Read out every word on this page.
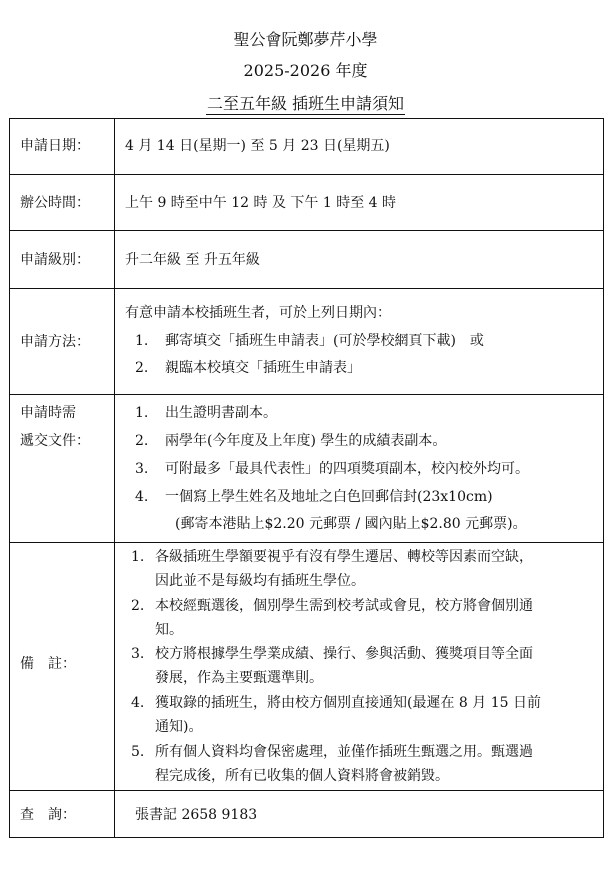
聖公會阮鄭夢芹小學
2025-2026 年度
二至五年級 插班生申請須知
申請日期：	4 月 14 日(星期一) 至 5 月 23 日(星期五)
辦公時間：	上午 9 時至中午 12 時 及 下午 1 時至 4 時
申請級別：	升二年級 至 升五年級
申請方法：
有意申請本校插班生者，可於上列日期內：
1. 郵寄填交「插班生申請表」(可於學校網頁下載)　或
2. 親臨本校填交「插班生申請表」
申請時需
遞交文件：
1. 出生證明書副本。
2. 兩學年(今年度及上年度) 學生的成績表副本。
3. 可附最多「最具代表性」的四項獎項副本，校內校外均可。
4. 一個寫上學生姓名及地址之白色回郵信封(23x10cm)
(郵寄本港貼上$2.20 元郵票 / 國內貼上$2.80 元郵票)。
備　註：
1. 各級插班生學額要視乎有沒有學生遷居、轉校等因素而空缺，
因此並不是每級均有插班生學位。
2. 本校經甄選後，個別學生需到校考試或會見，校方將會個別通
知。
3. 校方將根據學生學業成績、操行、參與活動、獲獎項目等全面
發展，作為主要甄選準則。
4. 獲取錄的插班生，將由校方個別直接通知(最遲在 8 月 15 日前
通知)。
5. 所有個人資料均會保密處理，並僅作插班生甄選之用。甄選過
程完成後，所有已收集的個人資料將會被銷毀。
查　詢：	張書記 2658 9183
